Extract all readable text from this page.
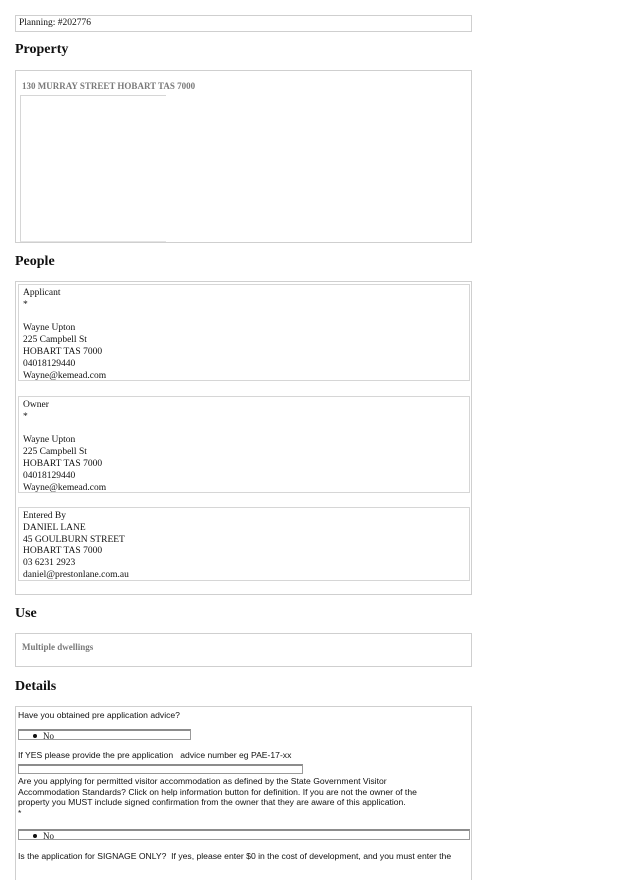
Planning: #202776
Property
130 MURRAY STREET HOBART TAS 7000
People
Applicant
*
Wayne Upton
225 Campbell St
HOBART TAS 7000
04018129440
Wayne@kemead.com
Owner
*
Wayne Upton
225 Campbell St
HOBART TAS 7000
04018129440
Wayne@kemead.com
Entered By
DANIEL LANE
45 GOULBURN STREET
HOBART TAS 7000
03 6231 2923
daniel@prestonlane.com.au
Use
Multiple dwellings
Details
Have you obtained pre application advice?
No
If YES please provide the pre application   advice number eg PAE-17-xx
Are you applying for permitted visitor accommodation as defined by the State Government Visitor
Accommodation Standards? Click on help information button for definition. If you are not the owner of the
property you MUST include signed confirmation from the owner that they are aware of this application.
*
No
Is the application for SIGNAGE ONLY?  If yes, please enter $0 in the cost of development, and you must enter the
